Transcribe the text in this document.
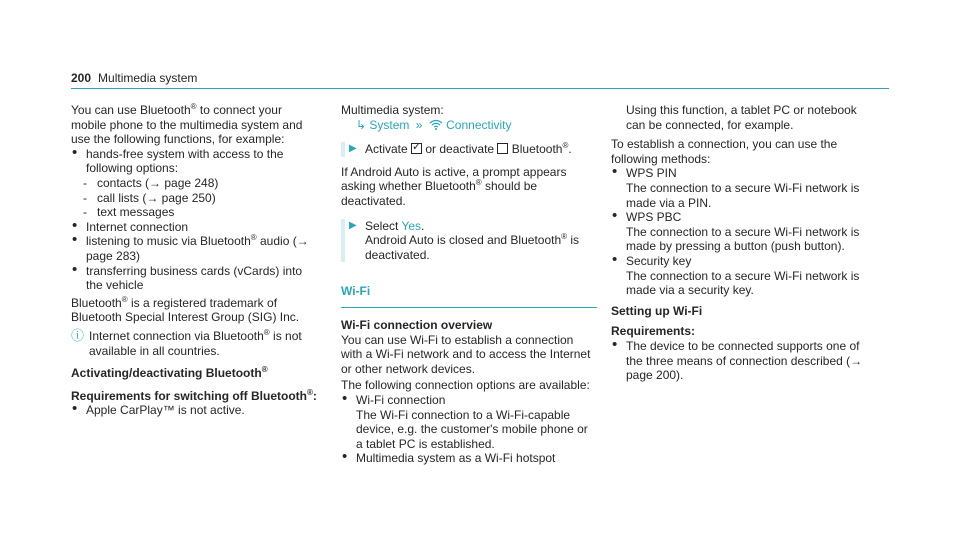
200 Multimedia system

You can use Bluetooth® to connect your mobile phone to the multimedia system and use the following functions, for example:

• hands-free system with access to the following options:

- contacts (→ page 248)

- call lists (→ page 250)

- text messages

• Internet connection

• listening to music via Bluetooth® audio (→ page 283)

• transferring business cards (vCards) into the vehicle

Bluetooth® is a registered trademark of Bluetooth Special Interest Group (SIG) Inc.

ⓘ Internet connection via Bluetooth® is not available in all countries.

Activating/deactivating Bluetooth®

Requirements for switching off Bluetooth®:

• Apple CarPlay™ is not active.

Multimedia system:

↳ System » Connectivity

▶ Activate ✓ or deactivate  Bluetooth®.

If Android Auto is active, a prompt appears asking whether Bluetooth® should be deactivated.

▶ Select Yes.

Android Auto is closed and Bluetooth® is deactivated.

Wi-Fi

Wi-Fi connection overview

You can use Wi-Fi to establish a connection with a Wi-Fi network and to access the Internet or other network devices.

The following connection options are available:

• Wi-Fi connection

The Wi-Fi connection to a Wi-Fi-capable device, e.g. the customer's mobile phone or a tablet PC is established.

• Multimedia system as a Wi-Fi hotspot

Using this function, a tablet PC or notebook can be connected, for example.

To establish a connection, you can use the following methods:

• WPS PIN

The connection to a secure Wi-Fi network is made via a PIN.

• WPS PBC

The connection to a secure Wi-Fi network is made by pressing a button (push button).

• Security key

The connection to a secure Wi-Fi network is made via a security key.

Setting up Wi-Fi

Requirements:

• The device to be connected supports one of the three means of connection described (→ page 200).
